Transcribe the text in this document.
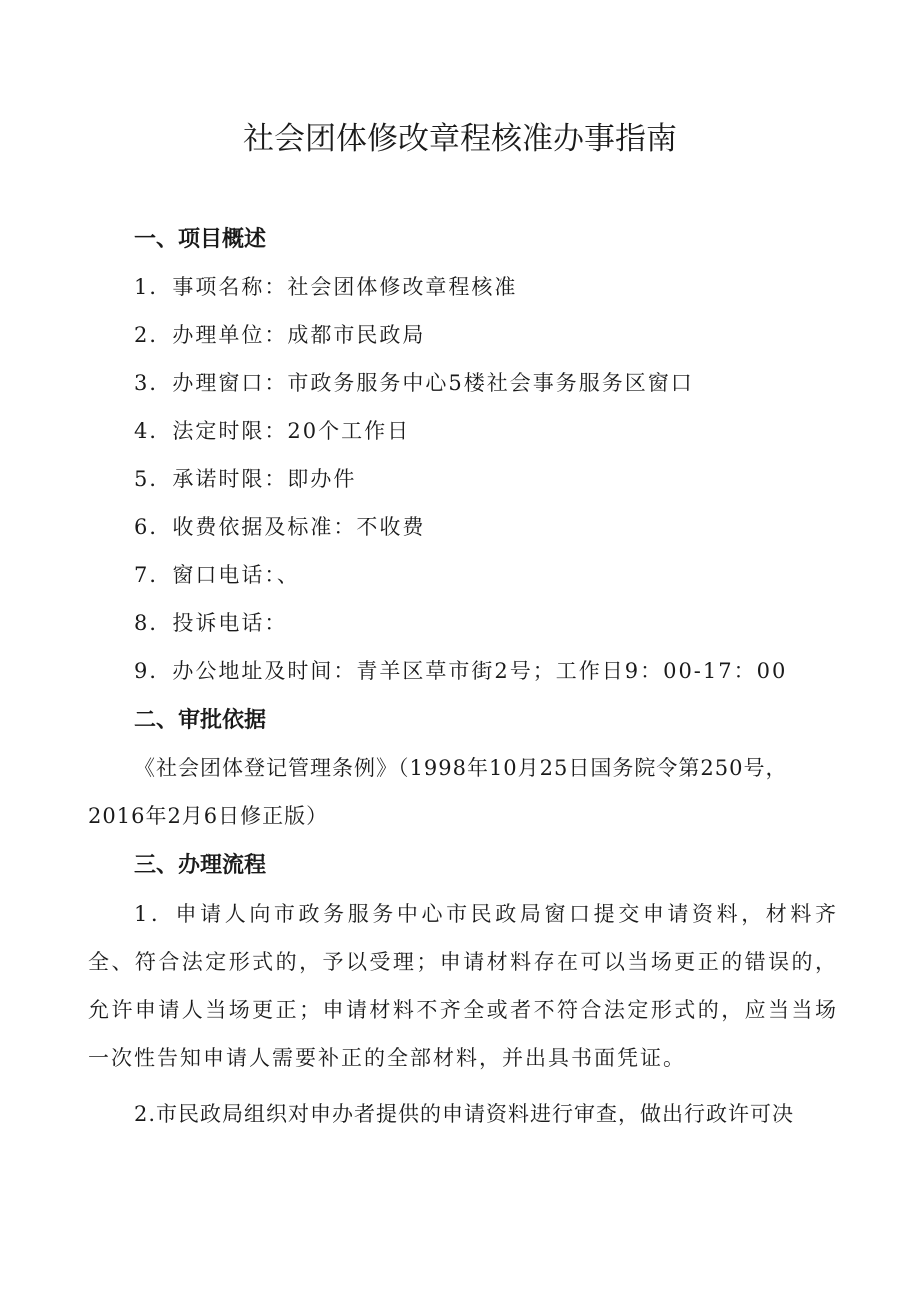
社会团体修改章程核准办事指南
一、项目概述

1．事项名称：社会团体修改章程核准

2．办理单位：成都市民政局

3．办理窗口：市政务服务中心5楼社会事务服务区窗口

4．法定时限：20个工作日

5．承诺时限：即办件

6．收费依据及标准：不收费

7．窗口电话：、

8．投诉电话：

9．办公地址及时间：青羊区草市街2号；工作日9：00-17：00

二、审批依据

《社会团体登记管理条例》（1998年10月25日国务院令第250号，

2016年2月6日修正版）

三、办理流程

1．申请人向市政务服务中心市民政局窗口提交申请资料，材料齐全、符合法定形式的，予以受理；申请材料存在可以当场更正的错误的，允许申请人当场更正；申请材料不齐全或者不符合法定形式的，应当当场一次性告知申请人需要补正的全部材料，并出具书面凭证。

2.市民政局组织对申办者提供的申请资料进行审查，做出行政许可决
